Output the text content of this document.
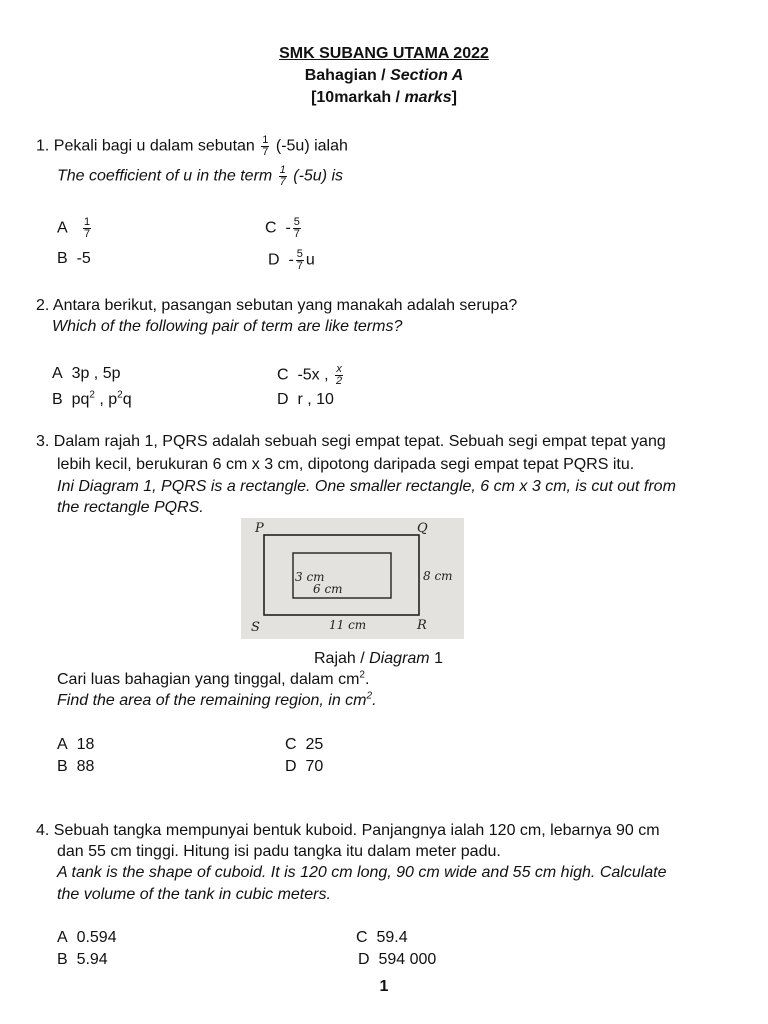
SMK SUBANG UTAMA 2022
Bahagian / Section A
[10markah / marks]
1. Pekali bagi u dalam sebutan $\frac{1}{7} (-5u)$ ialah
The coefficient of u in the term $\frac{1}{7} (-5u)$ is
A $\frac{1}{7}$
B -5
C - $\frac{5}{7}$
D - $\frac{5}{7}$ u
2. Antara berikut, pasangan sebutan yang manakah adalah serupa?
Which of the following pair of term are like terms?
A 3p , 5p
B $pq^2$ , $p^2q$
C -5x , $\frac{x}{2}$
D r , 10
3. Dalam rajah 1, PQRS adalah sebuah segi empat tepat. Sebuah segi empat tepat yang
lebih kecil, berukuran 6 cm x 3 cm, dipotong daripada segi empat tepat PQRS itu.
Ini Diagram 1, PQRS is a rectangle. One smaller rectangle, 6 cm x 3 cm, is cut out from
the rectangle PQRS.
P	Q
S	R
3 cm
6 cm
8 cm
11 cm
Rajah / Diagram 1
Cari luas bahagian yang tinggal, dalam $cm^2$.
Find the area of the remaining region, in $cm^2$.
A 18
B 88
C 25
D 70
4. Sebuah tangka mempunyai bentuk kuboid. Panjangnya ialah 120 cm, lebarnya 90 cm
dan 55 cm tinggi. Hitung isi padu tangka itu dalam meter padu.
A tank is the shape of cuboid. It is 120 cm long, 90 cm wide and 55 cm high. Calculate
the volume of the tank in cubic meters.
A 0.594
B 5.94
C 59.4
D 594 000
1
